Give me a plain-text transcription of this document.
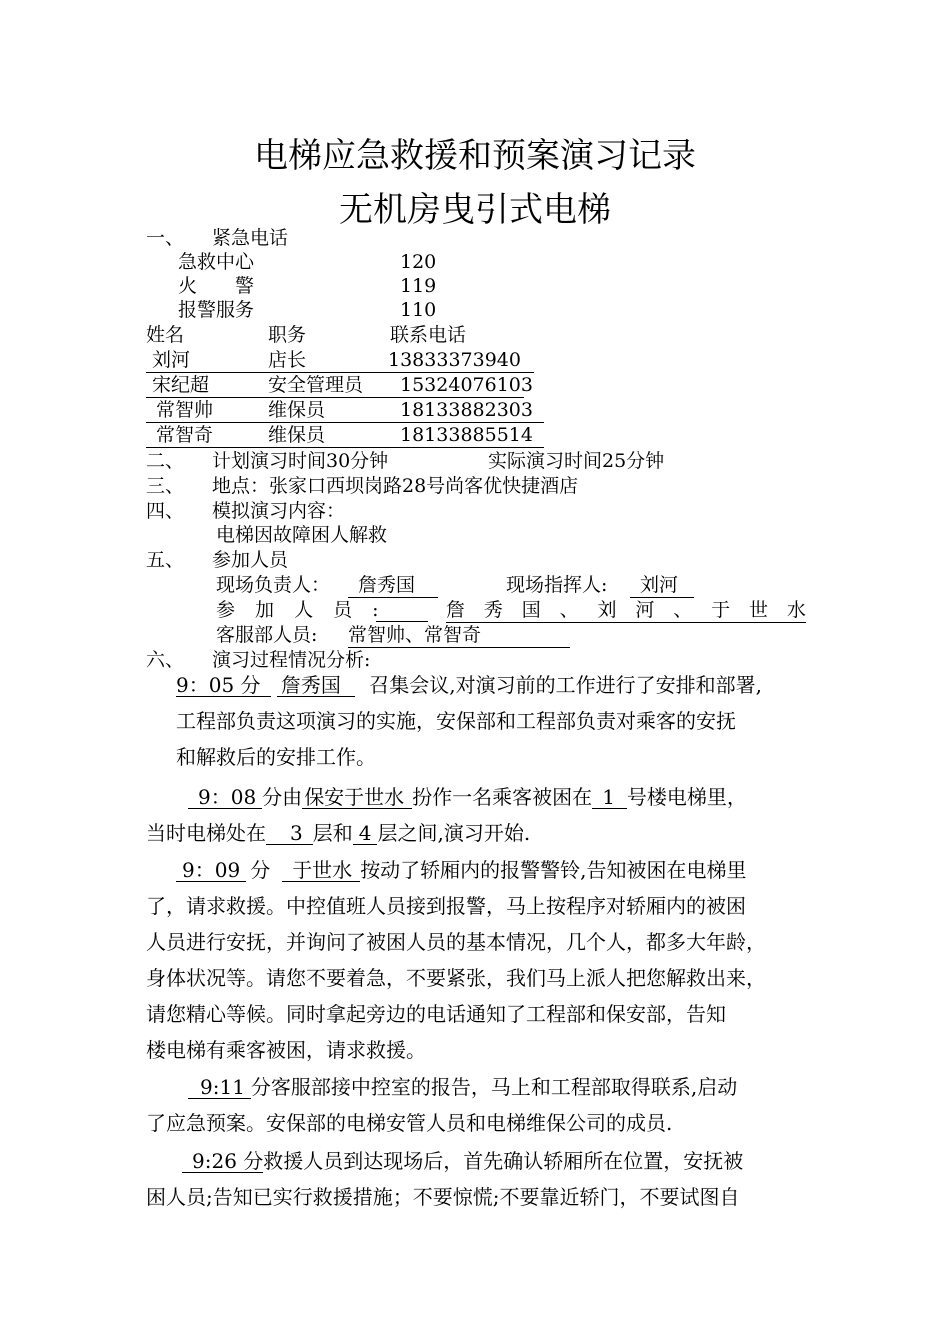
电梯应急救援和预案演习记录
无机房曳引式电梯
一、 紧急电话
急救中心	120
火　　警	119
报警服务	110
姓名	职务	联系电话
刘河	店长	13833373940
宋纪超	安全管理员 15324076103
常智帅	维保员	18133882303
常智奇	维保员	18133885514
二、 计划演习时间30分钟	实际演习时间25分钟
三、 地点：张家口西坝岗路28号尚客优快捷酒店
四、 模拟演习内容：
电梯因故障困人解救
五、 参加人员
现场负责人：	詹秀国	现场指挥人:	刘河
参 加 人 员 :	詹 秀 国 、 刘 河 、 于 世 水
客服部人员: 常智帅、常智奇
六、 演习过程情况分析:
9：05 分 詹秀国 召集会议,对演习前的工作进行了安排和部署,
工程部负责这项演习的实施，安保部和工程部负责对乘客的安抚
和解救后的安排工作。
9：08 分由 保安于世水 扮作一名乘客被困在 1 号楼电梯里，
当时电梯处在 3 层和 4 层之间,演习开始.
9：09 分 于世水 按动了轿厢内的报警警铃,告知被困在电梯里
了，请求救援。中控值班人员接到报警，马上按程序对轿厢内的被困
人员进行安抚，并询问了被困人员的基本情况，几个人，都多大年龄，
身体状况等。请您不要着急，不要紧张，我们马上派人把您解救出来，
请您精心等候。同时拿起旁边的电话通知了工程部和保安部，告知
楼电梯有乘客被困，请求救援。
9:11 分客服部接中控室的报告，马上和工程部取得联系,启动
了应急预案。安保部的电梯安管人员和电梯维保公司的成员.
9:26 分救援人员到达现场后，首先确认轿厢所在位置，安抚被
困人员;告知已实行救援措施；不要惊慌;不要靠近轿门，不要试图自
